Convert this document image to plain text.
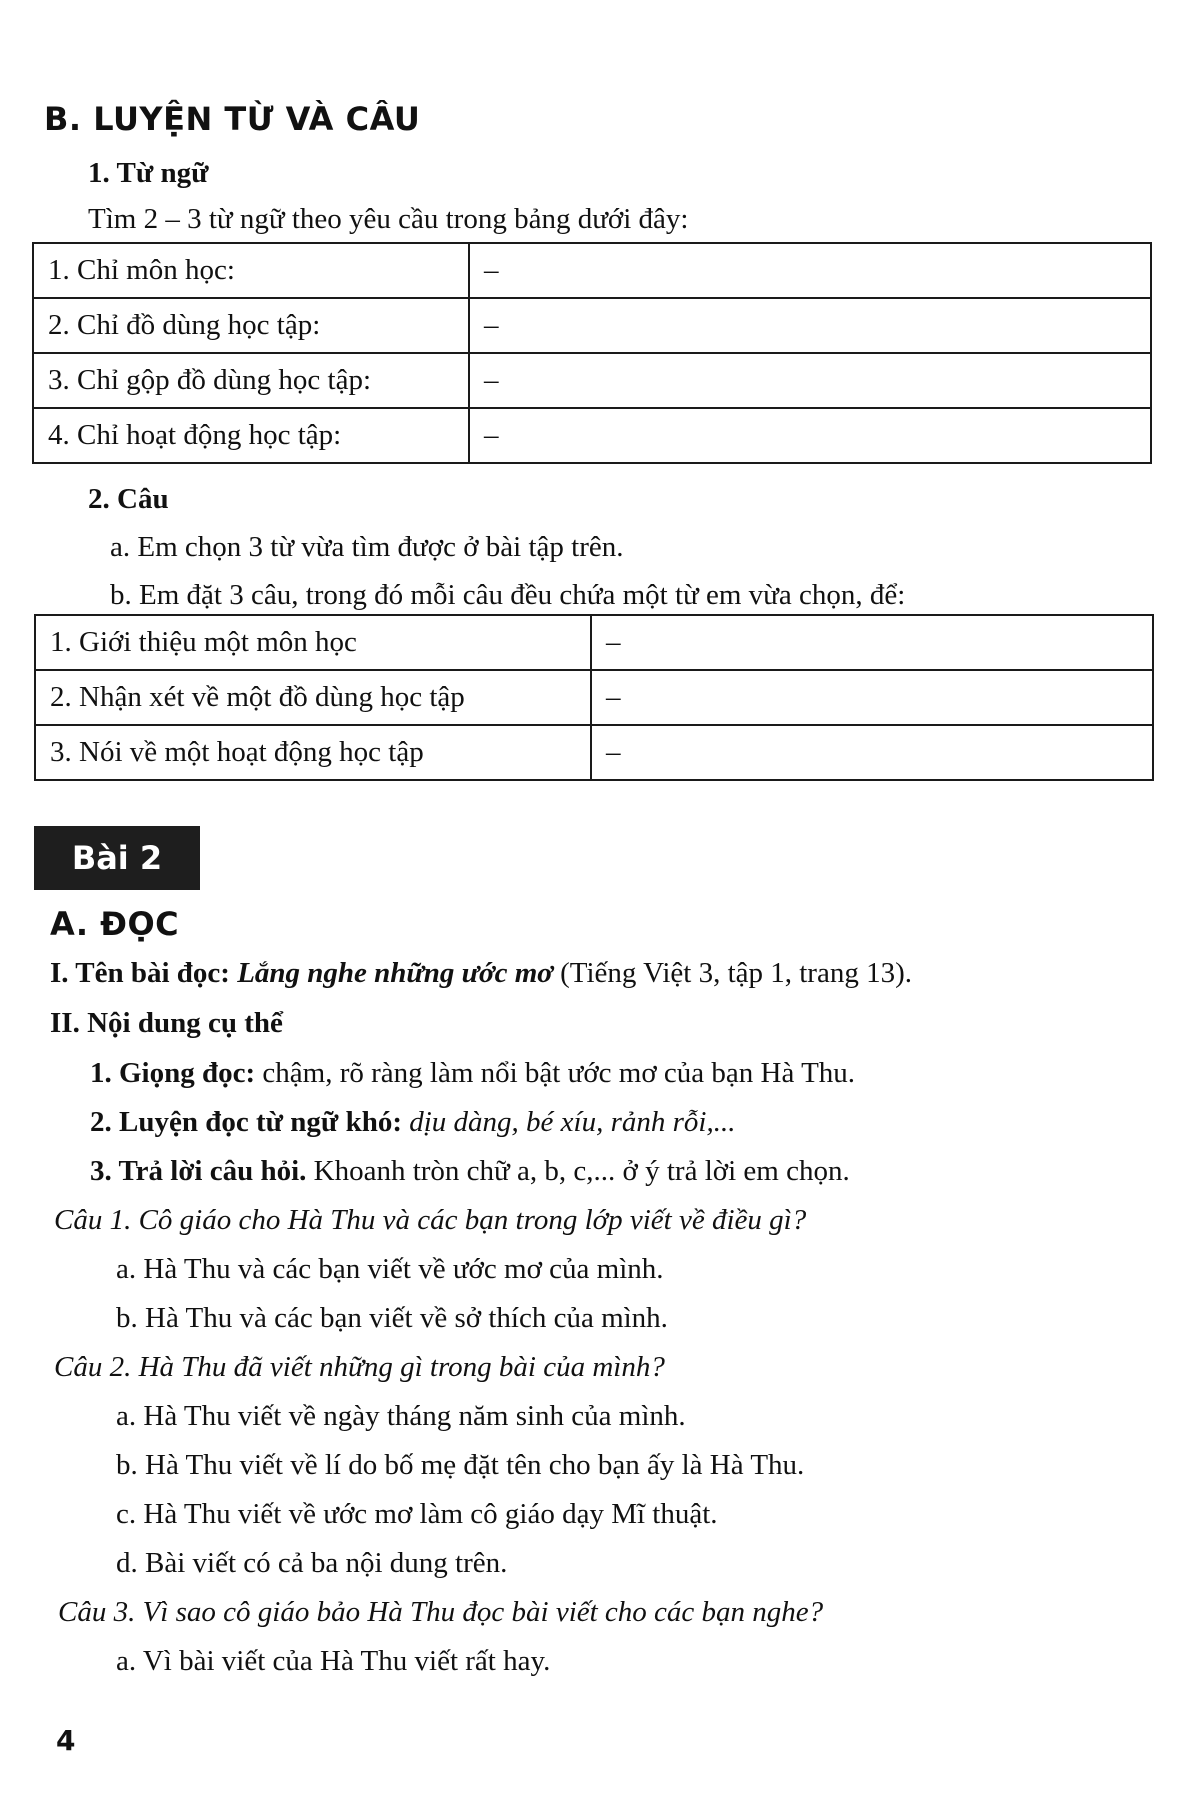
B. LUYỆN TỪ VÀ CÂU
1. Từ ngữ
Tìm 2 – 3 từ ngữ theo yêu cầu trong bảng dưới đây:
1. Chỉ môn học:	–
2. Chỉ đồ dùng học tập:	–
3. Chỉ gộp đồ dùng học tập:	–
4. Chỉ hoạt động học tập:	–
2. Câu
a. Em chọn 3 từ vừa tìm được ở bài tập trên.
b. Em đặt 3 câu, trong đó mỗi câu đều chứa một từ em vừa chọn, để:
1. Giới thiệu một môn học	–
2. Nhận xét về một đồ dùng học tập	–
3. Nói về một hoạt động học tập	–
Bài 2
A. ĐỌC
I. Tên bài đọc: Lắng nghe những ước mơ (Tiếng Việt 3, tập 1, trang 13).
II. Nội dung cụ thể
1. Giọng đọc: chậm, rõ ràng làm nổi bật ước mơ của bạn Hà Thu.
2. Luyện đọc từ ngữ khó: dịu dàng, bé xíu, rảnh rỗi,...
3. Trả lời câu hỏi. Khoanh tròn chữ a, b, c,... ở ý trả lời em chọn.
Câu 1. Cô giáo cho Hà Thu và các bạn trong lớp viết về điều gì?
a. Hà Thu và các bạn viết về ước mơ của mình.
b. Hà Thu và các bạn viết về sở thích của mình.
Câu 2. Hà Thu đã viết những gì trong bài của mình?
a. Hà Thu viết về ngày tháng năm sinh của mình.
b. Hà Thu viết về lí do bố mẹ đặt tên cho bạn ấy là Hà Thu.
c. Hà Thu viết về ước mơ làm cô giáo dạy Mĩ thuật.
d. Bài viết có cả ba nội dung trên.
Câu 3. Vì sao cô giáo bảo Hà Thu đọc bài viết cho các bạn nghe?
a. Vì bài viết của Hà Thu viết rất hay.
4
